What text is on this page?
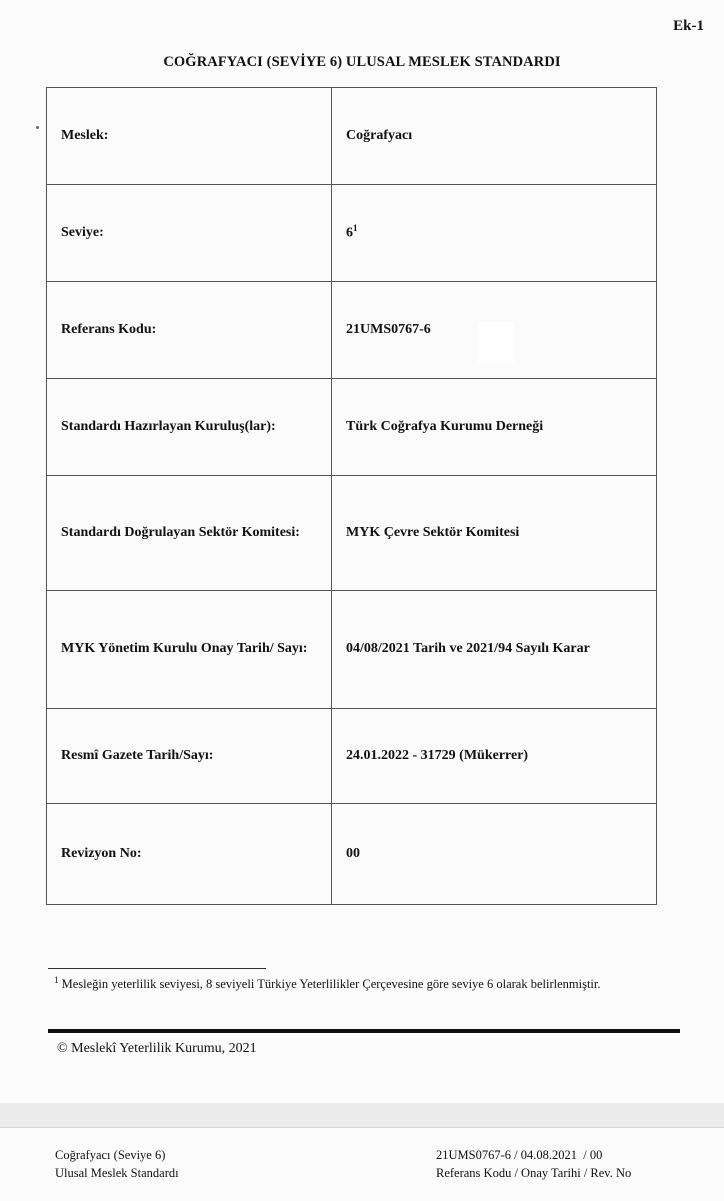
Ek-1
COĞRAFYACI (SEVİYE 6) ULUSAL MESLEK STANDARDI
Meslek:	Coğrafyacı
Seviye:	$6^1$
Referans Kodu:	21UMS0767-6
Standardı Hazırlayan Kuruluş(lar):	Türk Coğrafya Kurumu Derneği
Standardı Doğrulayan Sektör Komitesi:	MYK Çevre Sektör Komitesi
MYK Yönetim Kurulu Onay Tarih/ Sayı:	04/08/2021 Tarih ve 2021/94 Sayılı Karar
Resmî Gazete Tarih/Sayı:	24.01.2022 - 31729 (Mükerrer)
Revizyon No:	00
$^1$ Mesleğin yeterlilik seviyesi, 8 seviyeli Türkiye Yeterlilikler Çerçevesine göre seviye 6 olarak belirlenmiştir.
© Meslekî Yeterlilik Kurumu, 2021
Coğrafyacı (Seviye 6)
Ulusal Meslek Standardı
21UMS0767-6 / 04.08.2021  / 00
Referans Kodu / Onay Tarihi / Rev. No
